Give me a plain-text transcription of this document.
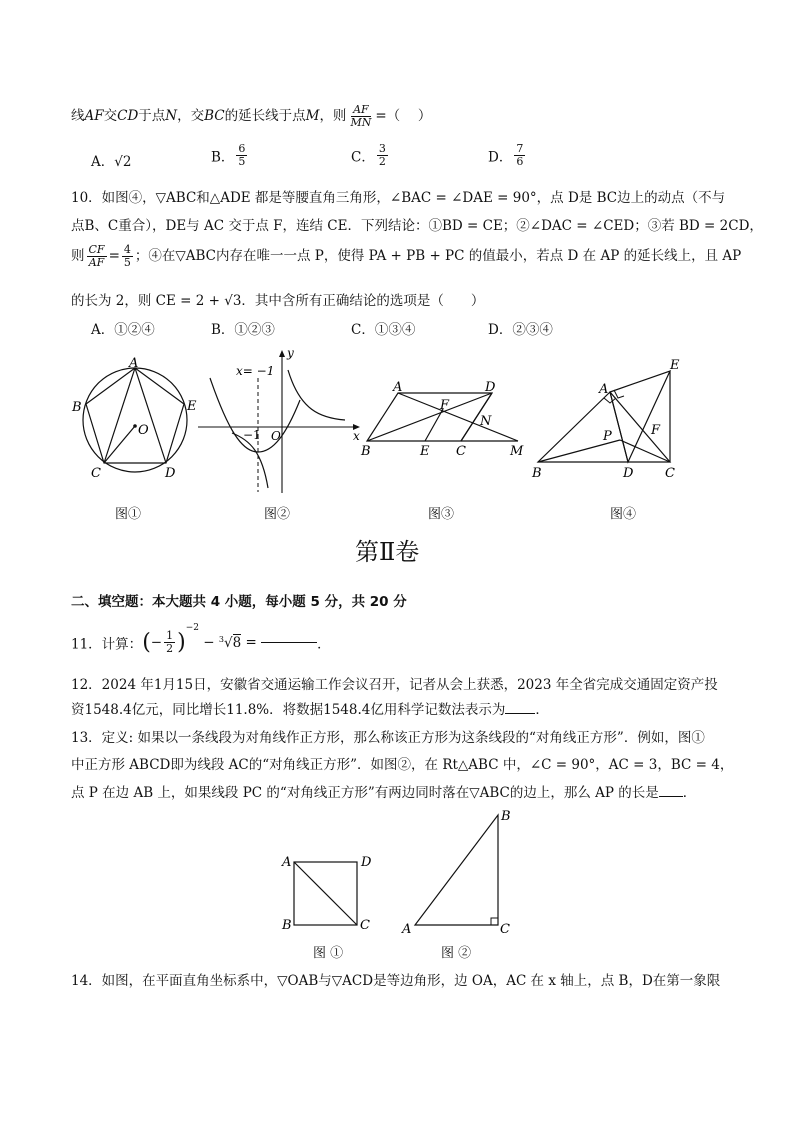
线AF交CD于点N，交BC的延长线于点M，则 $\frac{AF}{MN}$ =（　 ）
A．√2	B． $\frac{6}{5}$	C． $\frac{3}{2}$	D． $\frac{7}{6}$
10．如图④，▽ABC和△ADE 都是等腰直角三角形，∠BAC = ∠DAE = 90°，点 D是 BC边上的动点（不与
点B、C重合），DE与 AC 交于点 F，连结 CE．下列结论：①BD = CE；②∠DAC = ∠CED；③若 BD = 2CD，
则 $\frac{CF}{AF} = \frac{4}{5}$ ；④在▽ABC内存在唯一一点 P，使得 PA + PB + PC 的值最小，若点 D 在 AP 的延长线上，且 AP
的长为 2，则 CE = 2 + √3．其中含所有正确结论的选项是（　　）
A．①②④	B．①②③	C．①③④	D．②③④
A
B	E
O
C	D
图①
y
x= −1
x
−1 O
图②
A	D
F
N
B	E C	M
图③
A
E
P	F
B	D C
图④
第Ⅱ卷
二、填空题：本大题共 4 小题，每小题 5 分，共 20 分
11．计算：(− $\frac{1}{2} )^{-2} - ^3√8$ =	．
12．2024 年1月15日，安徽省交通运输工作会议召开，记者从会上获悉，2023 年全省完成交通固定资产投
资1548.4亿元，同比增长11.8%．将数据1548.4亿用科学记数法表示为 ．
13．定义: 如果以一条线段为对角线作正方形，那么称该正方形为这条线段的“对角线正方形”．例如，图①
中正方形 ABCD即为线段 AC的“对角线正方形”．如图②，在 Rt△ABC 中，∠C = 90°，AC = 3，BC = 4，
点 P 在边 AB 上，如果线段 PC 的“对角线正方形”有两边同时落在▽ABC的边上，那么 AP 的长是 ．
A	D
B	C
图 ①
B
A	C
图 ②
14．如图，在平面直角坐标系中，▽OAB与▽ACD是等边角形，边 OA，AC 在 x 轴上，点 B，D在第一象限
